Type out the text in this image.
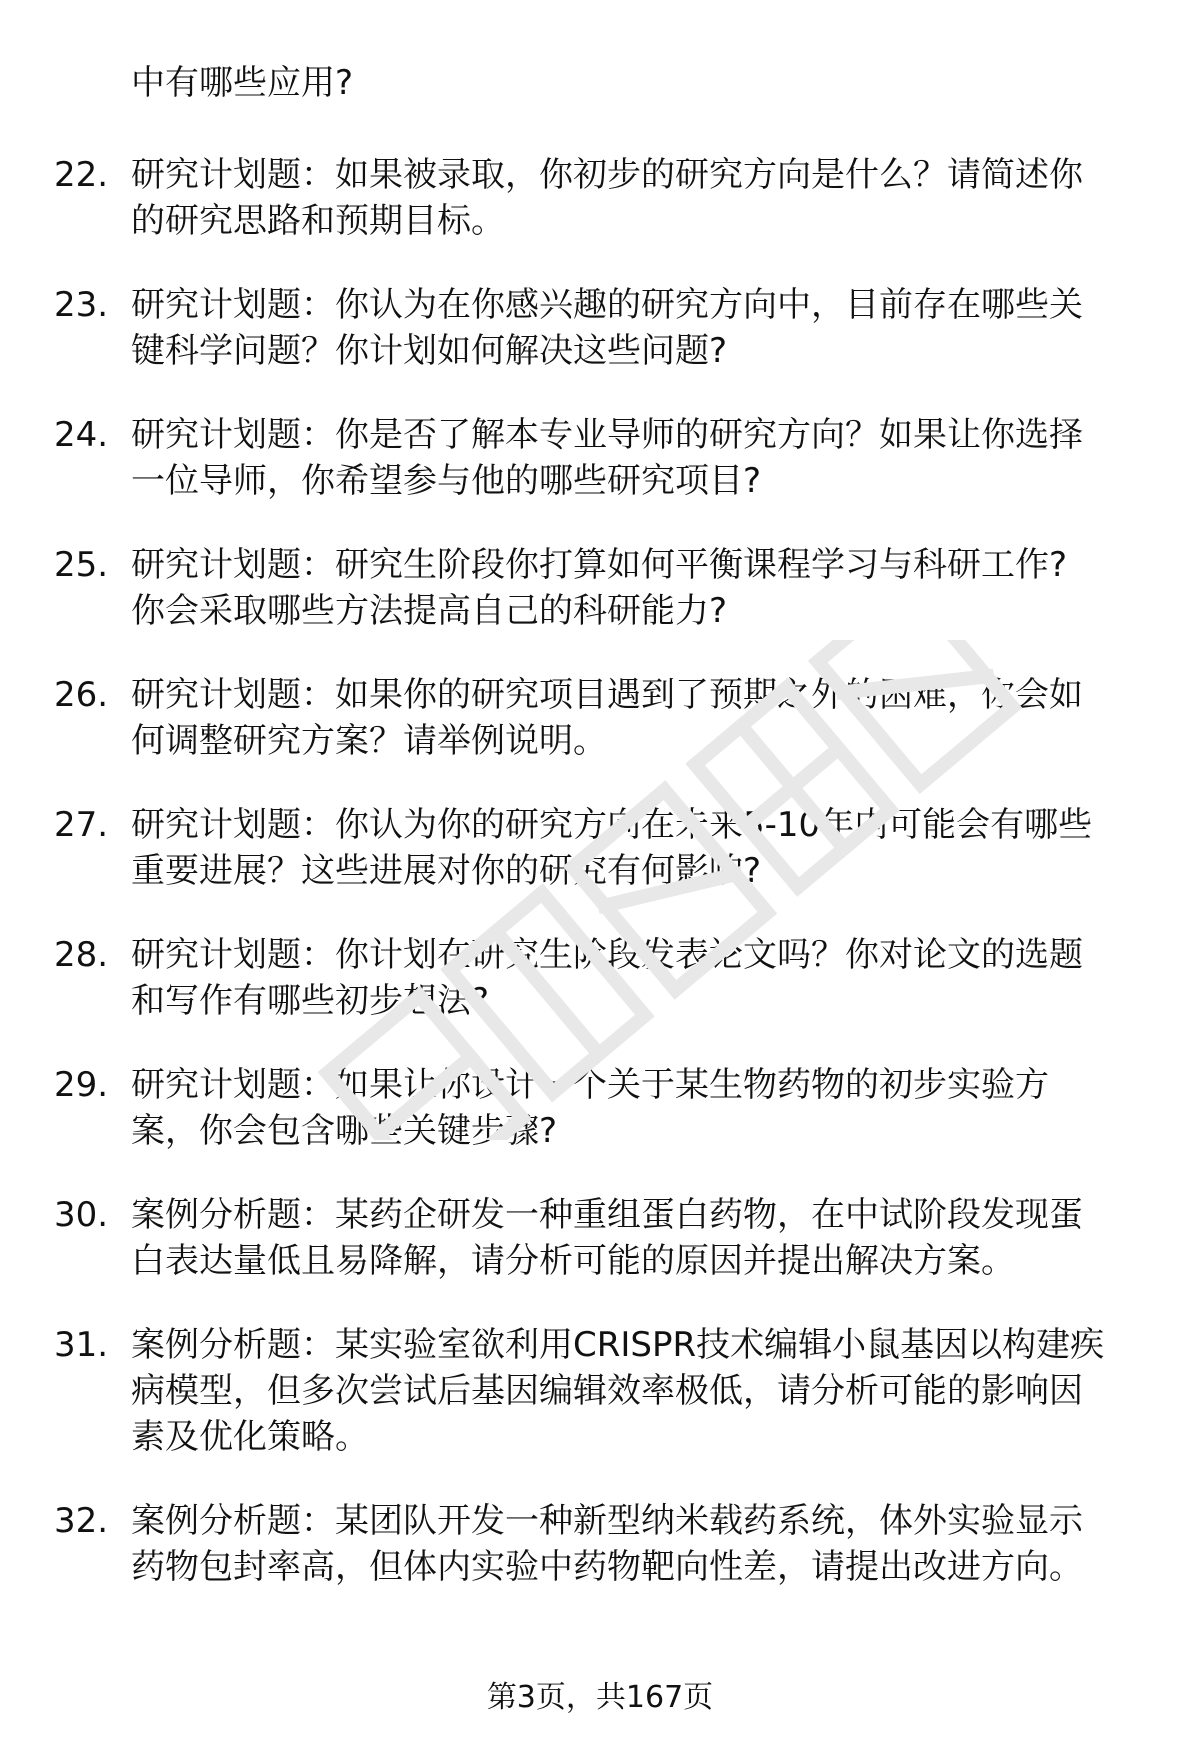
中有哪些应用?
22. 研究计划题：如果被录取，你初步的研究方向是什么？请简述你
的研究思路和预期目标。
23. 研究计划题：你认为在你感兴趣的研究方向中，目前存在哪些关
键科学问题？你计划如何解决这些问题?
24. 研究计划题：你是否了解本专业导师的研究方向？如果让你选择
一位导师，你希望参与他的哪些研究项目?
25. 研究计划题：研究生阶段你打算如何平衡课程学习与科研工作?
你会采取哪些方法提高自己的科研能力?
26. 研究计划题：如果你的研究项目遇到了预期之外的困难，你会如
何调整研究方案？请举例说明。
27. 研究计划题：你认为你的研究方向在未来5-10年内可能会有哪些
重要进展？这些进展对你的研究有何影响?
28. 研究计划题：你计划在研究生阶段发表论文吗？你对论文的选题
和写作有哪些初步想法?
29. 研究计划题：如果让你设计一个关于某生物药物的初步实验方
案，你会包含哪些关键步骤?
30. 案例分析题：某药企研发一种重组蛋白药物，在中试阶段发现蛋
白表达量低且易降解，请分析可能的原因并提出解决方案。
31. 案例分析题：某实验室欲利用CRISPR技术编辑小鼠基因以构建疾
病模型，但多次尝试后基因编辑效率极低，请分析可能的影响因
素及优化策略。
32. 案例分析题：某团队开发一种新型纳米载药系统，体外实验显示
药物包封率高，但体内实验中药物靶向性差，请提出改进方向。
第3页，共167页
